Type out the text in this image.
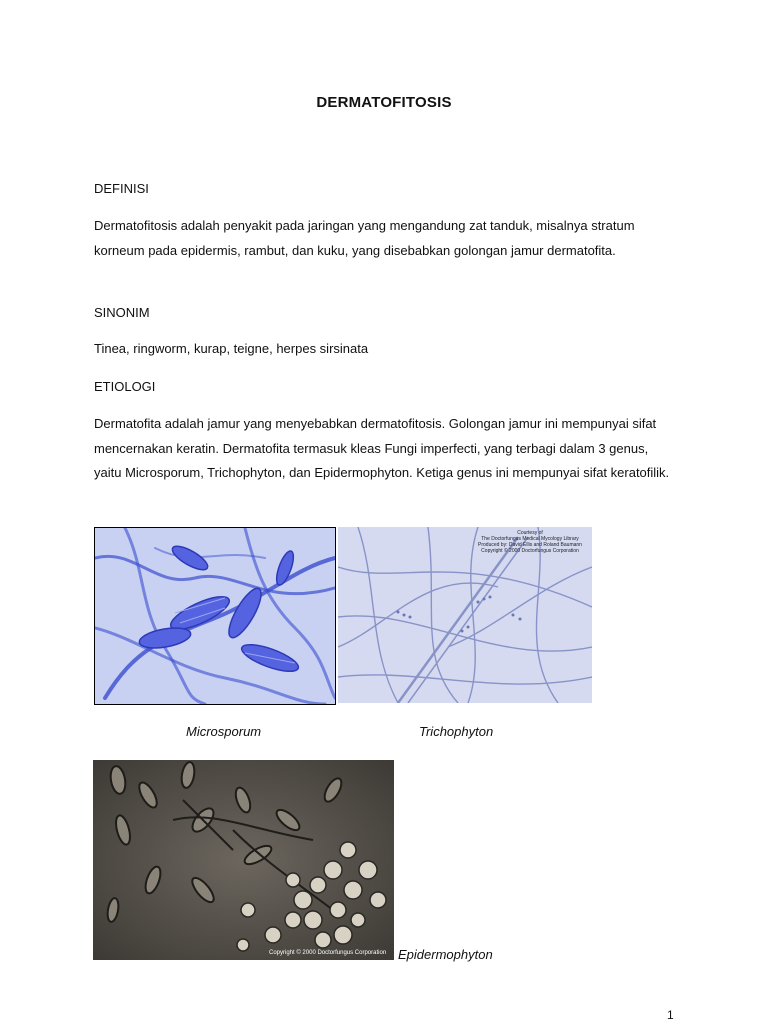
DERMATOFITOSIS
DEFINISI

Dermatofitosis adalah penyakit pada jaringan yang mengandung zat tanduk, misalnya stratum korneum pada epidermis, rambut, dan kuku, yang disebabkan golongan jamur dermatofita.

SINONIM

Tinea, ringworm, kurap, teigne, herpes sirsinata

ETIOLOGI

Dermatofita adalah jamur yang menyebabkan dermatofitosis. Golongan jamur ini mempunyai sifat mencernakan keratin. Dermatofita termasuk kleas Fungi imperfecti, yang terbagi dalam 3 genus, yaitu Microsporum, Trichophyton, dan Epidermophyton. Ketiga genus ini mempunyai sifat keratofilik.

Courtesy of
The Doctorfungus Medical Mycology Library
Produced by: David Ellis and Roland Baumann
Copyright © 2000 Doctorfungus Corporation
Microsporum	Trichophyton
Copyright © 2000 Doctorfungus Corporation Epidermophyton
1
